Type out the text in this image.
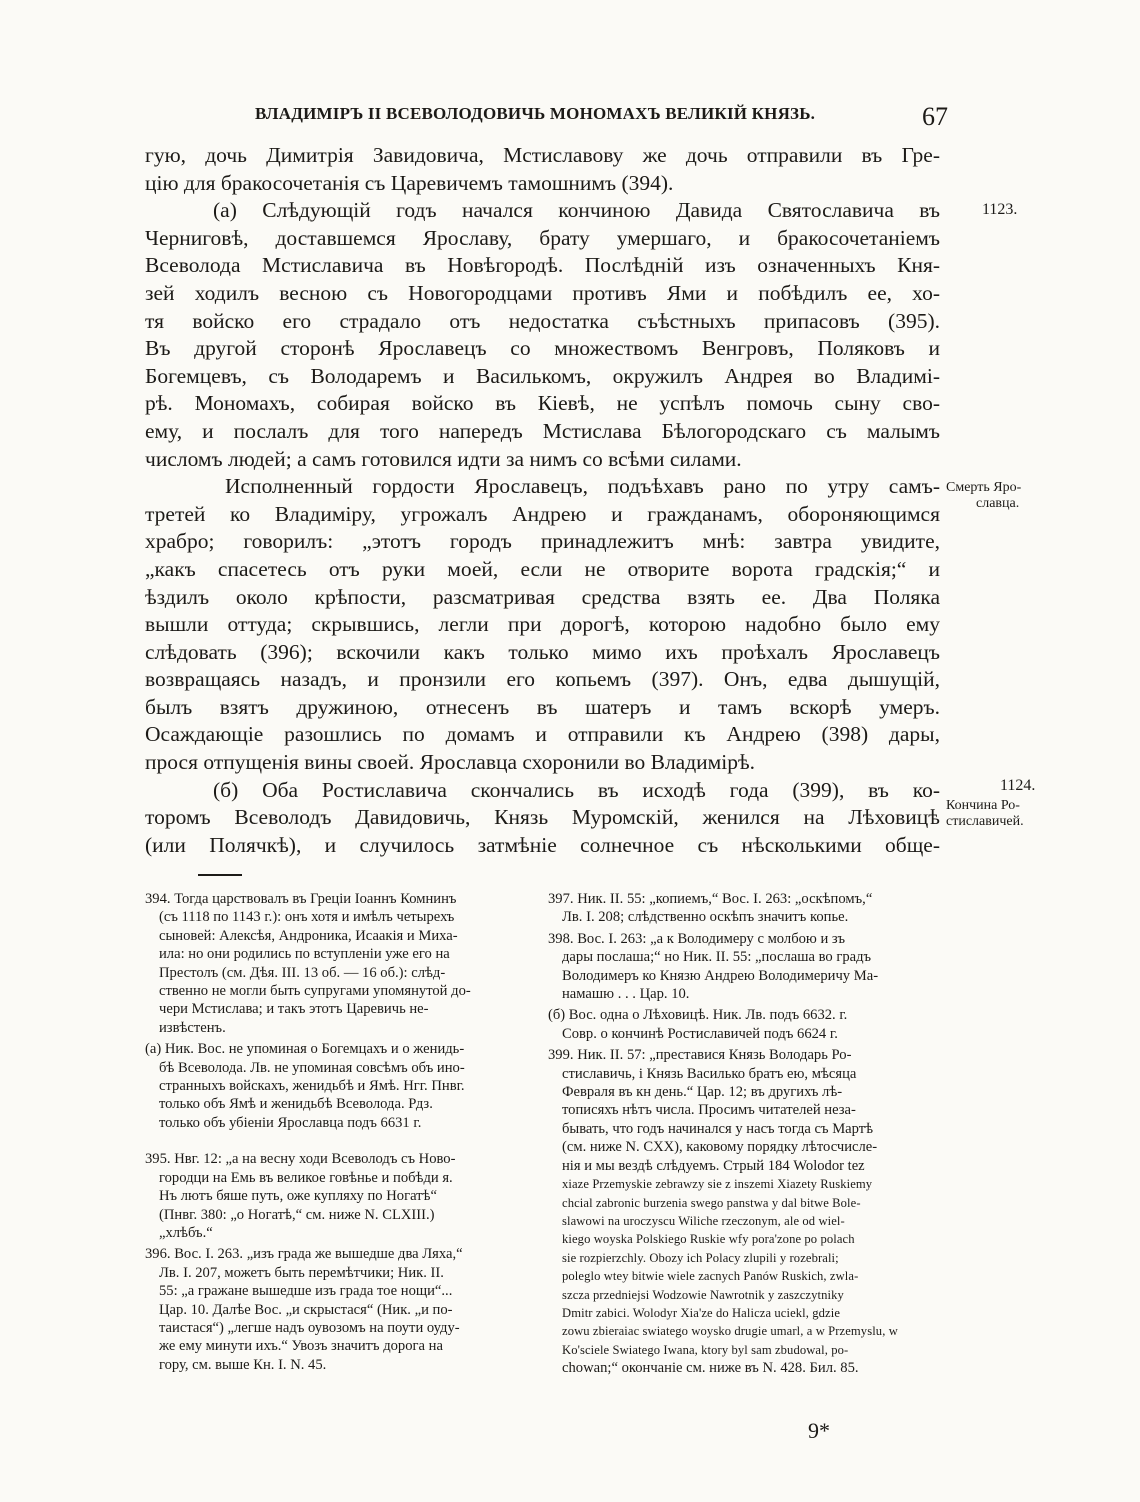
ВЛАДИМІРЪ II ВСЕВОЛОДОВИЧЬ МОНОМАХЪ ВЕЛИКІЙ КНЯЗЬ.	67
гую, дочь Димитрія Завидовича, Мстиславову же дочь отправили въ Гре-
цію для бракосочетанія съ Царевичемъ тамошнимъ (394).
(а) Слѣдующій годъ начался кончиною Давида Святославича въ
Черниговѣ, доставшемся Ярославу, брату умершаго, и бракосочетаніемъ
Всеволода Мстиславича въ Новѣгородѣ. Послѣдній изъ означенныхъ Кня-
зей ходилъ весною съ Новогородцами противъ Ями и побѣдилъ ее, хо-
тя войско его страдало отъ недостатка съѣстныхъ припасовъ (395).
Въ другой сторонѣ Ярославецъ со множествомъ Венгровъ, Поляковъ и
Богемцевъ, съ Володаремъ и Василькомъ, окружилъ Андрея во Владимі-
рѣ. Мономахъ, собирая войско въ Кіевѣ, не успѣлъ помочь сыну сво-
ему, и послалъ для того напередъ Мстислава Бѣлогородскаго съ малымъ
числомъ людей; а самъ готовился идти за нимъ со всѣми силами.
Исполненный гордости Ярославецъ, подъѣхавъ рано по утру самъ-
третей ко Владиміру, угрожалъ Андрею и гражданамъ, обороняющимся
храбро; говорилъ: „этотъ городъ принадлежитъ мнѣ: завтра увидите,
„какъ спасетесь отъ руки моей, если не отворите ворота градскія;“ и
ѣздилъ около крѣпости, разсматривая средства взять ее. Два Поляка
вышли оттуда; скрывшись, легли при дорогѣ, которою надобно было ему
слѣдовать (396); вскочили какъ только мимо ихъ проѣхалъ Ярославецъ
возвращаясь назадъ, и пронзили его копьемъ (397). Онъ, едва дышущій,
былъ взятъ дружиною, отнесенъ въ шатеръ и тамъ вскорѣ умеръ.
Осаждающіе разошлись по домамъ и отправили къ Андрею (398) дары,
прося отпущенія вины своей. Ярославца схоронили во Владимірѣ.
(б) Оба Ростиславича скончались въ исходѣ года (399), въ ко-
торомъ Всеволодъ Давидовичь, Князь Муромскій, женился на Лѣховицѣ
(или Полячкѣ), и случилось затмѣніе солнечное съ нѣсколькими обще-
1123.
Смерть Яро-
славца.
1124.
Кончина Ро-
стиславичей.
394. Тогда царствовалъ въ Греціи Іоаннъ Комнинъ
(съ 1118 по 1143 г.): онъ хотя и имѣлъ четырехъ
сыновей: Алексѣя, Андроника, Исаакія и Миха-
ила: но они родились по вступленіи уже его на
Престолъ (см. Дѣя. III. 13 об. — 16 об.): слѣд-
ственно не могли быть супругами упомянутой до-
чери Мстислава; и такъ этотъ Царевичь не-
извѣстенъ.
(а) Ник. Вос. не упоминая о Богемцахъ и о женидь-
бѣ Всеволода. Лв. не упоминая совсѣмъ объ ино-
странныхъ войскахъ, женидьбѣ и Ямѣ. Нгг. Пнвг.
только объ Ямѣ и женидьбѣ Всеволода. Рдз.
только объ убіеніи Ярославца подъ 6631 г.
395. Нвг. 12: „а на весну ходи Всеволодъ съ Ново-
городци на Емь въ великое говѣнье и побѣди я.
Нъ лютъ бяше путь, оже купляху по Ногатѣ“
(Пнвг. 380: „о Ногатѣ,“ см. ниже N. CLXIII.)
„хлѣбъ.“
396. Вос. I. 263. „изъ града же вышедше два Ляха,“
Лв. I. 207, можетъ быть перемѣтчики; Ник. II.
55: „а гражане вышедше изъ града тое нощи“...
Цар. 10. Далѣе Вос. „и скрыстася“ (Ник. „и по-
таистася“) „легше надъ оувозомъ на поути оуду-
же ему минути ихъ.“ Увозъ значитъ дорога на
гору, см. выше Кн. I. N. 45.
397. Ник. II. 55: „копиемъ,“ Вос. I. 263: „оскѣпомъ,“
Лв. I. 208; слѣдственно оскѣпъ значитъ копье.
398. Вос. I. 263: „а к Володимеру с молбою и зъ
дары послаша;“ но Ник. II. 55: „послаша во градъ
Володимеръ ко Князю Андрею Володимеричу Ма-
намашю . . . Цар. 10.
(б) Вос. одна о Лѣховицѣ. Ник. Лв. подъ 6632. г.
Совр. о кончинѣ Ростиславичей подъ 6624 г.
399. Ник. II. 57: „преставися Князь Володарь Ро-
стиславичь, і Князь Василько братъ ею, мѣсяца
Февраля въ кн день.“ Цар. 12; въ другихъ лѣ-
тописяхъ нѣтъ числа. Просимъ читателей неза-
бывать, что годъ начинался у насъ тогда съ Мартѣ
(см. ниже N. CXX), каковому порядку лѣтосчисле-
нія и мы вездѣ слѣдуемъ. Стрый 184 Wolodor tez
xiaze Przemyskie zebrawzy sie z inszemi Xiazety Ruskiemy
chcial zabronic burzenia swego panstwa y dal bitwe Bole-
slawowi na uroczyscu Wiliche rzeczonym, ale od wiel-
kiego woyska Polskiego Ruskie wfy pora'zone po polach
sie rozpierzchly. Obozy ich Polacy zlupili y rozebrali;
poleglo wtey bitwie wiele zacnych Panów Ruskich, zwla-
szcza przedniejsi Wodzowie Nawrotnik y zaszczytniky
Dmitr zabici. Wolodyr Xia'ze do Halicza uciekl, gdzie
zowu zbieraiac swiatego woysko drugie umarl, a w Przemyslu, w
Ko'sciele Swiatego Iwana, ktory byl sam zbudowal, po-
chowan;“ окончаніе см. ниже въ N. 428. Бил. 85.
9*
